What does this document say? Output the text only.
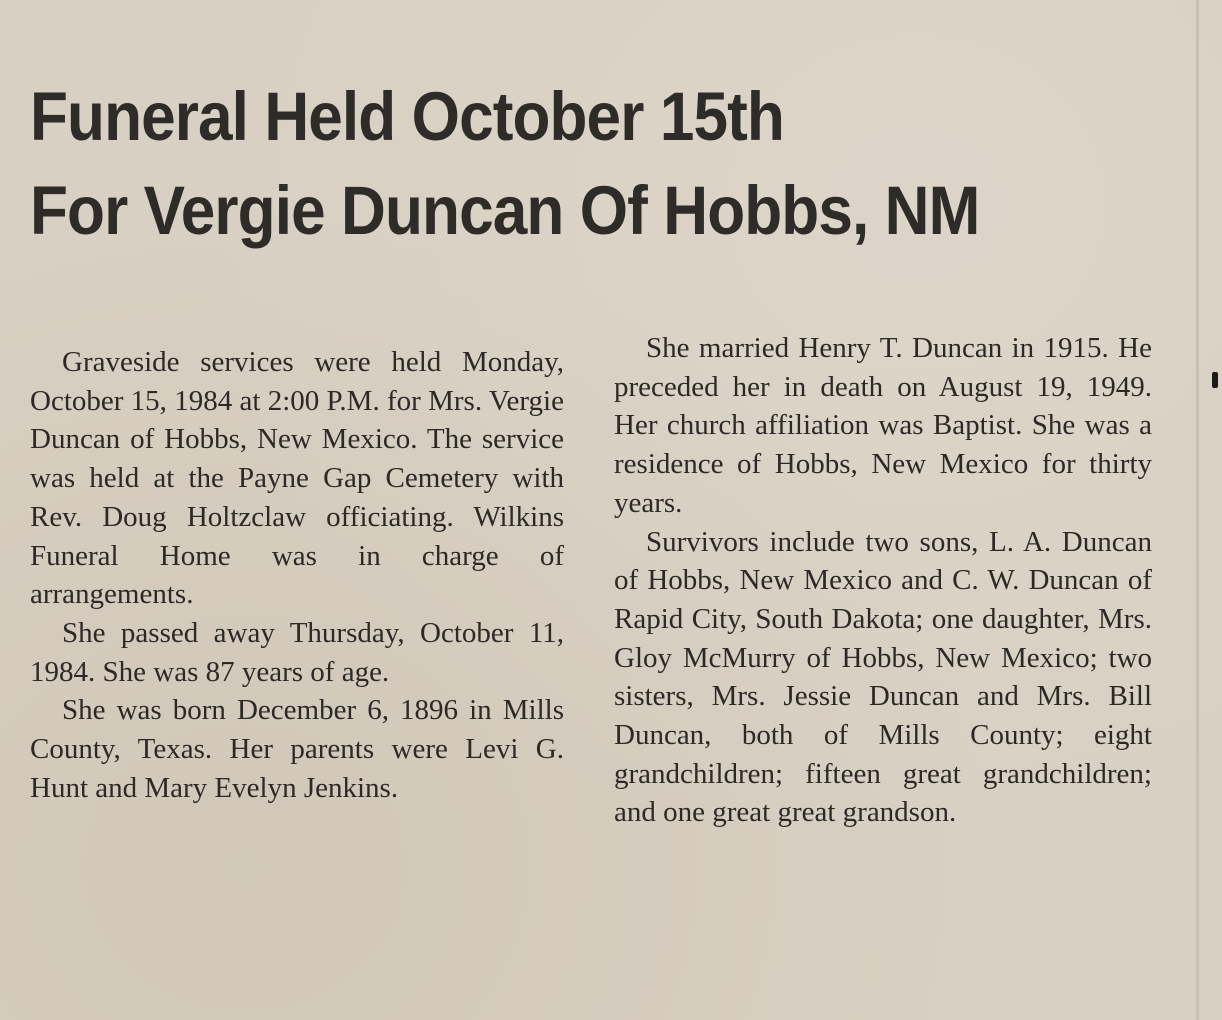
Funeral Held October 15th
For Vergie Duncan Of Hobbs, NM

Graveside services were held Monday, October 15, 1984 at 2:00 P.M. for Mrs. Vergie Duncan of Hobbs, New Mexico. The service was held at the Payne Gap Cemetery with Rev. Doug Holtzclaw officiating. Wilkins Funeral Home was in charge of arrangements.

She passed away Thursday, October 11, 1984. She was 87 years of age.

She was born December 6, 1896 in Mills County, Texas. Her parents were Levi G. Hunt and Mary Evelyn Jenkins.

She married Henry T. Duncan in 1915. He preceded her in death on August 19, 1949. Her church affiliation was Baptist. She was a residence of Hobbs, New Mexico for thirty years.

Survivors include two sons, L. A. Duncan of Hobbs, New Mexico and C. W. Duncan of Rapid City, South Dakota; one daughter, Mrs. Gloy McMurry of Hobbs, New Mexico; two sisters, Mrs. Jessie Duncan and Mrs. Bill Duncan, both of Mills County; eight grandchildren; fifteen great grandchildren; and one great great grandson.
